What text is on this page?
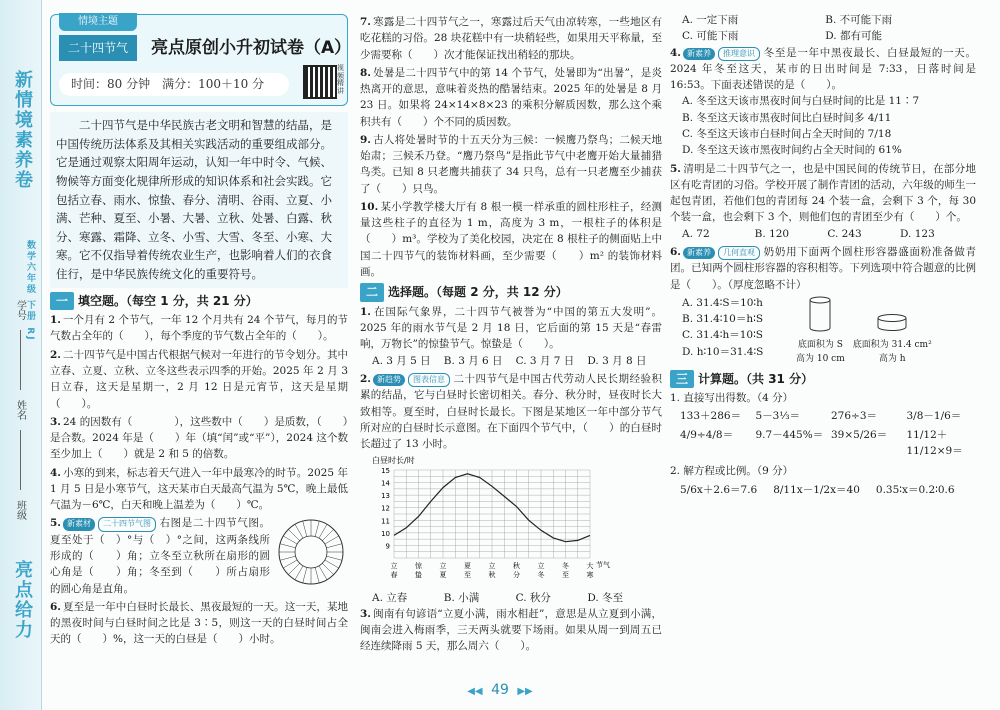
新情境素养卷
数学六年级 下册 RJ
学号
姓名
班级
亮点给力
情境主题
二十四节气	亮点原创小升初试卷（A）
时间：80 分钟　满分：100＋10 分
视频精讲
二十四节气是中华民族古老文明和智慧的结晶，是中国传统历法体系及其相关实践活动的重要组成部分。它是通过观察太阳周年运动，认知一年中时令、气候、物候等方面变化规律所形成的知识体系和社会实践。它包括立春、雨水、惊蛰、春分、清明、谷雨、立夏、小满、芒种、夏至、小暑、大暑、立秋、处暑、白露、秋分、寒露、霜降、立冬、小雪、大雪、冬至、小寒、大寒。它不仅指导着传统农业生产，也影响着人们的衣食住行，是中华民族传统文化的重要符号。
一 填空题。（每空 1 分，共 21 分）
1. 一个月有 2 个节气，一年 12 个月共有 24 个节气，每月的节气数占全年的（　　），每个季度的节气数占全年的（　　）。
2. 二十四节气是中国古代根据气候对一年进行的节令划分。其中立春、立夏、立秋、立冬这些表示四季的开始。2025 年 2 月 3 日立春，这天是星期一，2 月 12 日是元宵节，这天是星期（　　）。
3. 24 的因数有（　　　　），这些数中（　　）是质数，（　　）是合数。2024 年是（　　）年（填“闰”或“平”），2024 这个数至少加上（　　）就是 2 和 5 的倍数。
4. 小寒的到来，标志着天气进入一年中最寒冷的时节。2025 年 1 月 5 日是小寒节气，这天某市白天最高气温为 5℃，晚上最低气温为－6℃，白天和晚上温差为（　　）℃。
5. 新素材 二十四节气图 右图是二十四节气图。夏至处于（　）°与（　）°之间，这两条线所形成的（　　）角；立冬至立秋所在扇形的圆心角是（　　）角；冬至到（　　）所占扇形的圆心角是直角。
6. 夏至是一年中白昼时长最长、黑夜最短的一天。这一天，某地的黑夜时间与白昼时间之比是 3∶5，则这一天的白昼时间占全天的（　　）%，这一天的白昼是（　　）小时。
7. 寒露是二十四节气之一，寒露过后天气由凉转寒，一些地区有吃花糕的习俗。28 块花糕中有一块稍轻些，如果用天平称量，至少需要称（　　）次才能保证找出稍轻的那块。
8. 处暑是二十四节气中的第 14 个节气，处暑即为“出暑”，是炎热离开的意思，意味着炎热的酷暑结束。2025 年的处暑是 8 月 23 日。如果将 24×14×8×23 的乘积分解质因数，那么这个乘积共有（　　）个不同的质因数。
9. 古人将处暑时节的十五天分为三候：一候鹰乃祭鸟；二候天地始肃；三候禾乃登。“鹰乃祭鸟”是指此节气中老鹰开始大量捕猎鸟类。已知 8 只老鹰共捕获了 34 只鸟，总有一只老鹰至少捕获了（　　）只鸟。
10. 某小学教学楼大厅有 8 根一模一样承重的圆柱形柱子，经测量这些柱子的直径为 1 m，高度为 3 m，一根柱子的体积是（　　）m³。学校为了美化校园，决定在 8 根柱子的侧面贴上中国二十四节气的装饰材料画，至少需要（　　）m² 的装饰材料画。
二 选择题。（每题 2 分，共 12 分）
1. 在国际气象界，二十四节气被誉为“中国的第五大发明”。2025 年的雨水节气是 2 月 18 日，它后面的第 15 天是“春雷响，万物长”的惊蛰节气。惊蛰是（　　）。
A. 3 月 5 日	B. 3 月 6 日	C. 3 月 7 日	D. 3 月 8 日
2. 新趋势 图表信息 二十四节气是中国古代劳动人民长期经验积累的结晶，它与白昼时长密切相关。春分、秋分时，昼夜时长大致相等。夏至时，白昼时长最长。下图是某地区一年中部分节气所对应的白昼时长示意图。在下面四个节气中，（　　）的白昼时长超过了 13 小时。
白昼时长/时
9
10
11
12
13
14
15
立
春
惊
蛰
立
夏
夏
至
立
秋
秋
分
立
冬
冬
至
大
寒
节气
A. 立春	B. 小满	C. 秋分	D. 冬至
3. 闽南有句谚语“立夏小满，雨水相赶”，意思是从立夏到小满，闽南会进入梅雨季，三天两头就要下场雨。如果从周一到周五已经连续降雨 5 天，那么周六（　　）。
A. 一定下雨	B. 不可能下雨
C. 可能下雨	D. 都有可能
4. 新素养 推理意识 冬至是一年中黑夜最长、白昼最短的一天。2024 年冬至这天，某市的日出时间是 7:33，日落时间是 16:53。下面表述错误的是（　　）。
A. 冬至这天该市黑夜时间与白昼时间的比是 11∶7
B. 冬至这天该市黑夜时间比白昼时间多 4/11
C. 冬至这天该市白昼时间占全天时间的 7/18
D. 冬至这天该市黑夜时间约占全天时间的 61%
5. 清明是二十四节气之一，也是中国民间的传统节日，在部分地区有吃青团的习俗。学校开展了制作青团的活动，六年级的师生一起包青团，若他们包的青团每 24 个装一盒，会剩下 3 个，每 30 个装一盒，也会剩下 3 个，则他们包的青团至少有（　　）个。
A. 72	B. 120	C. 243	D. 123
6. 新素养 几何直观 奶奶用下面两个圆柱形容器盛面粉准备做青团。已知两个圆柱形容器的容积相等。下列选项中符合题意的比例是（　　）。（厚度忽略不计）
A. 31.4∶S＝10∶h
B. 31.4∶10＝h∶S
C. 31.4∶h＝10∶S
D. h∶10＝31.4∶S
底面积为 S
高为 10 cm
底面积为 31.4 cm²
高为 h
三 计算题。（共 31 分）
1. 直接写出得数。（4 分）
133＋286＝	5－3⅓＝	276÷3＝	3/8－1/6＝
4/9÷4/8＝	9.7－445%＝ 39×5/26＝	11/12＋11/12×9＝
2. 解方程或比例。（9 分）
5/6x＋2.6＝7.6 8/11x－1/2x＝40 0.35∶x＝0.2∶0.6
◀◀ 49 ▶▶
